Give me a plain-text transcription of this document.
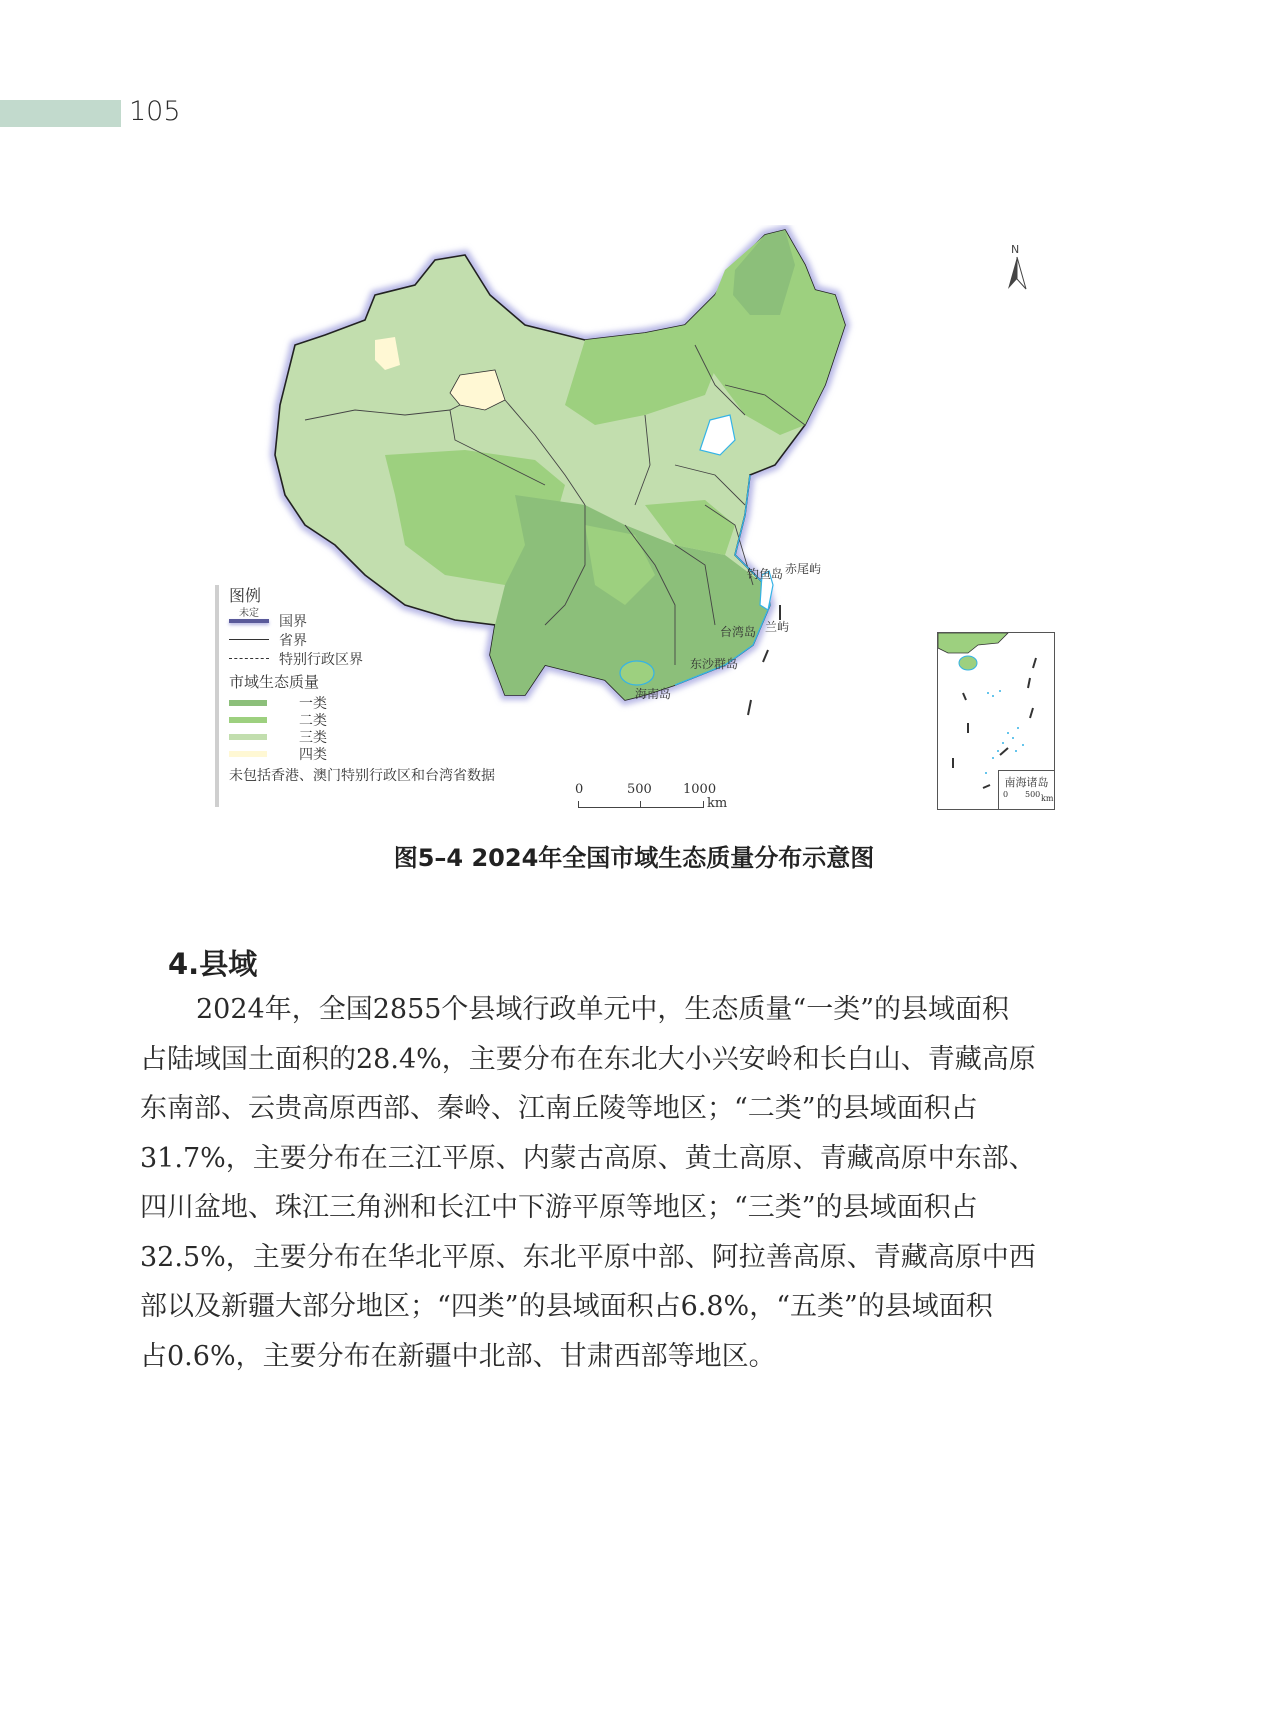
105
钓鱼岛 赤尾屿
台湾岛 兰屿
东沙群岛
海南岛
N
图例
未定
国界
省界
特别行政区界
市域生态质量
一类
二类
三类
四类
未包括香港、澳门特别行政区和台湾省数据
0	500 1000
km
南海诸岛
0 500 km
图5–4 2024年全国市域生态质量分布示意图
4.县域
2024年，全国2855个县域行政单元中，生态质量“一类”的县域面积
占陆域国土面积的28.4%，主要分布在东北大小兴安岭和长白山、青藏高原
东南部、云贵高原西部、秦岭、江南丘陵等地区；“二类”的县域面积占
31.7%，主要分布在三江平原、内蒙古高原、黄土高原、青藏高原中东部、
四川盆地、珠江三角洲和长江中下游平原等地区；“三类”的县域面积占
32.5%，主要分布在华北平原、东北平原中部、阿拉善高原、青藏高原中西
部以及新疆大部分地区；“四类”的县域面积占6.8%，“五类”的县域面积
占0.6%，主要分布在新疆中北部、甘肃西部等地区。
